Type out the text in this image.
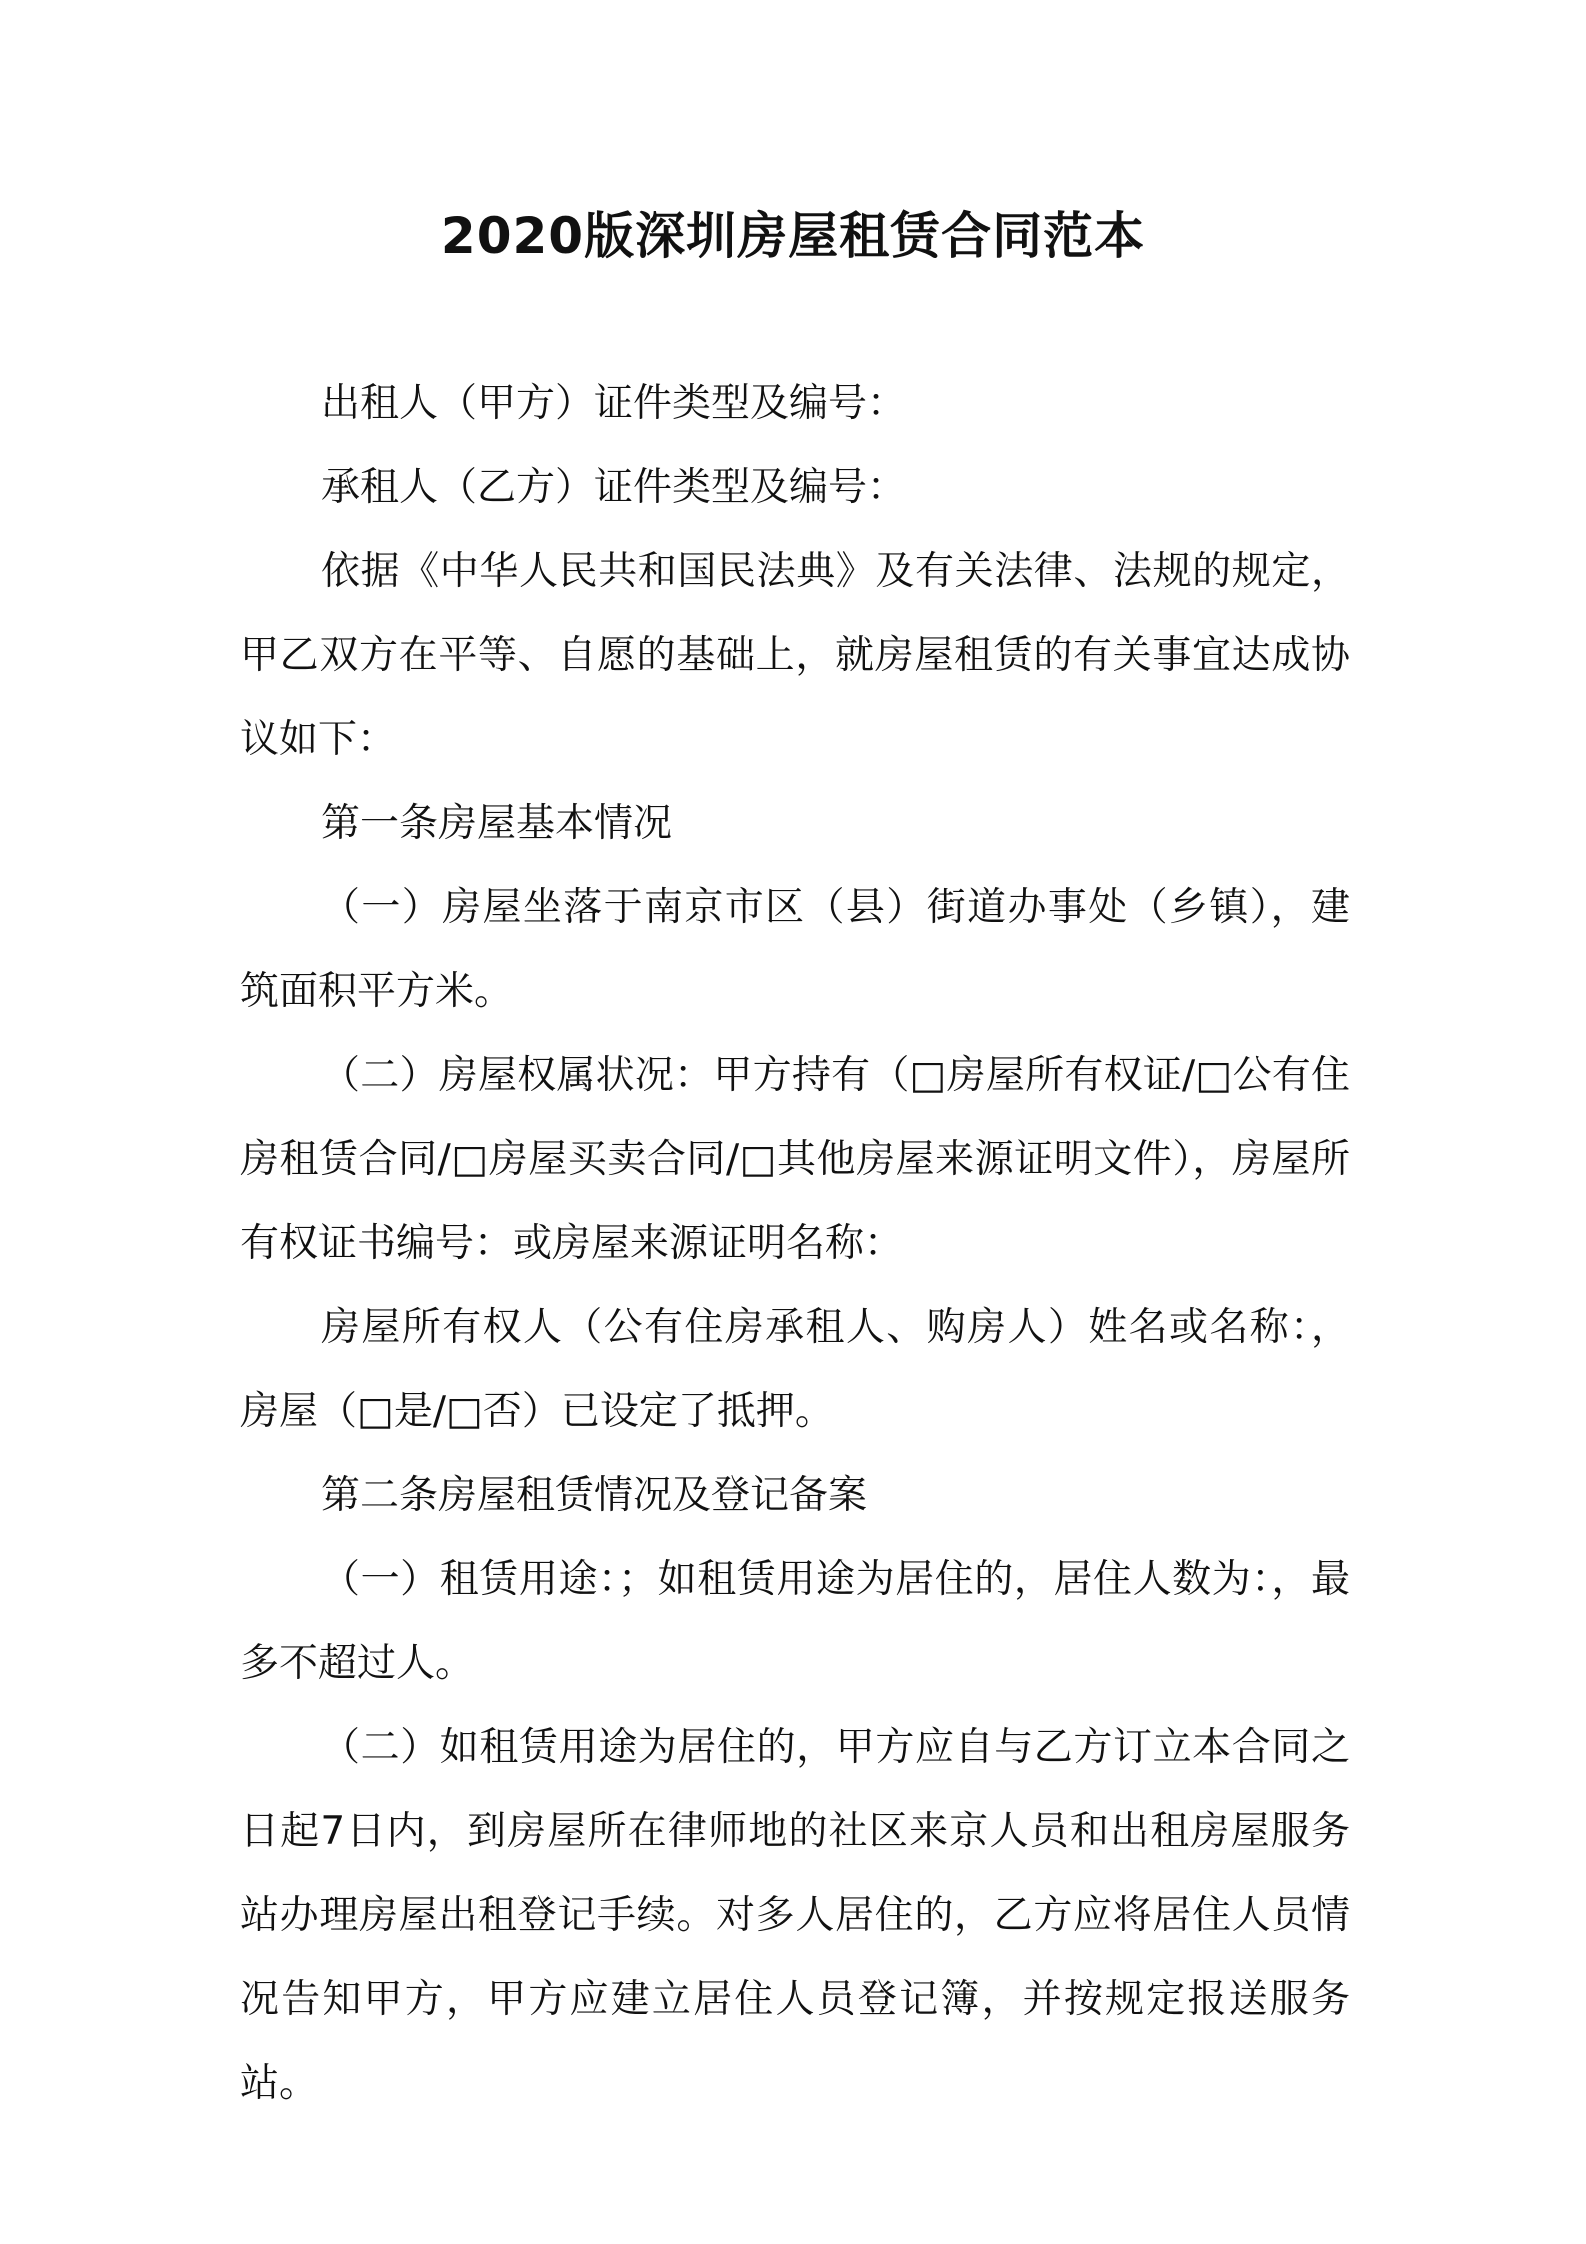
2020版深圳房屋租赁合同范本

出租人（甲方）证件类型及编号：

承租人（乙方）证件类型及编号：

依据《中华人民共和国民法典》及有关法律、法规的规定，甲乙双方在平等、自愿的基础上，就房屋租赁的有关事宜达成协议如下：

第一条房屋基本情况

（一）房屋坐落于南京市区（县）街道办事处（乡镇），建筑面积平方米。

（二）房屋权属状况：甲方持有（□房屋所有权证/□公有住房租赁合同/□房屋买卖合同/□其他房屋来源证明文件），房屋所有权证书编号：或房屋来源证明名称：

房屋所有权人（公有住房承租人、购房人）姓名或名称：，房屋（□是/□否）已设定了抵押。

第二条房屋租赁情况及登记备案

（一）租赁用途：；如租赁用途为居住的，居住人数为：，最多不超过人。

（二）如租赁用途为居住的，甲方应自与乙方订立本合同之日起7日内，到房屋所在律师地的社区来京人员和出租房屋服务站办理房屋出租登记手续。对多人居住的，乙方应将居住人员情况告知甲方，甲方应建立居住人员登记簿，并按规定报送服务站。
